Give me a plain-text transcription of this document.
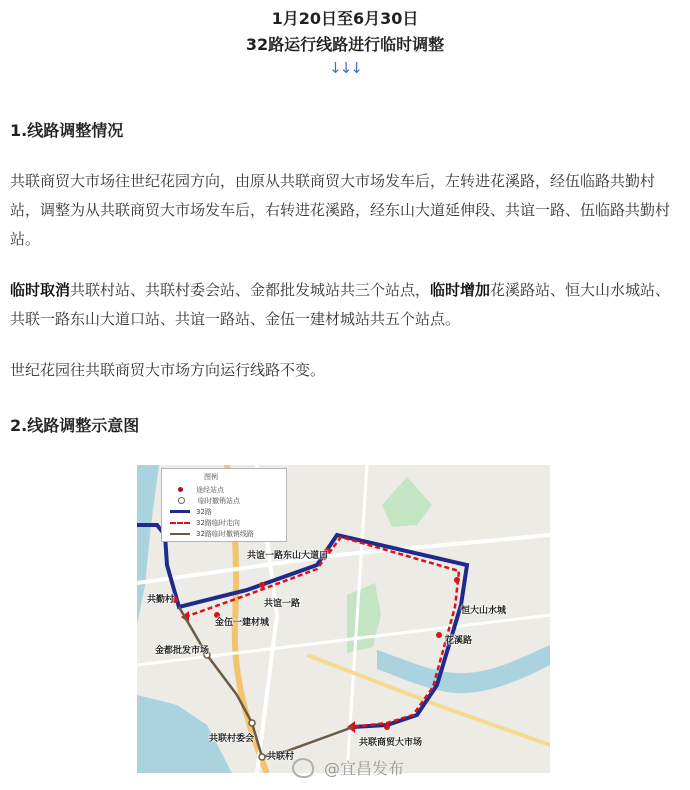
1月20日至6月30日
32路运行线路进行临时调整
↓↓↓
1.线路调整情况
共联商贸大市场往世纪花园方向，由原从共联商贸大市场发车后，左转进花溪路，经伍临路共勤村站，调整为从共联商贸大市场发车后，右转进花溪路，经东山大道延伸段、共谊一路、伍临路共勤村站。
临时取消共联村站、共联村委会站、金都批发城站共三个站点，临时增加花溪路站、恒大山水城站、共联一路东山大道口站、共谊一路站、金伍一建材城站共五个站点。
世纪花园往共联商贸大市场方向运行线路不变。
2.线路调整示意图
图例
途经站点
临时撤销站点
32路
32路临时走向
32路临时撤销线路
共谊一路东山大道口
共勤村	共谊一路
金伍一建材城
金都批发市场
恒大山水城
花溪路
共联村委会
共联村
共联商贸大市场
@宜昌发布
